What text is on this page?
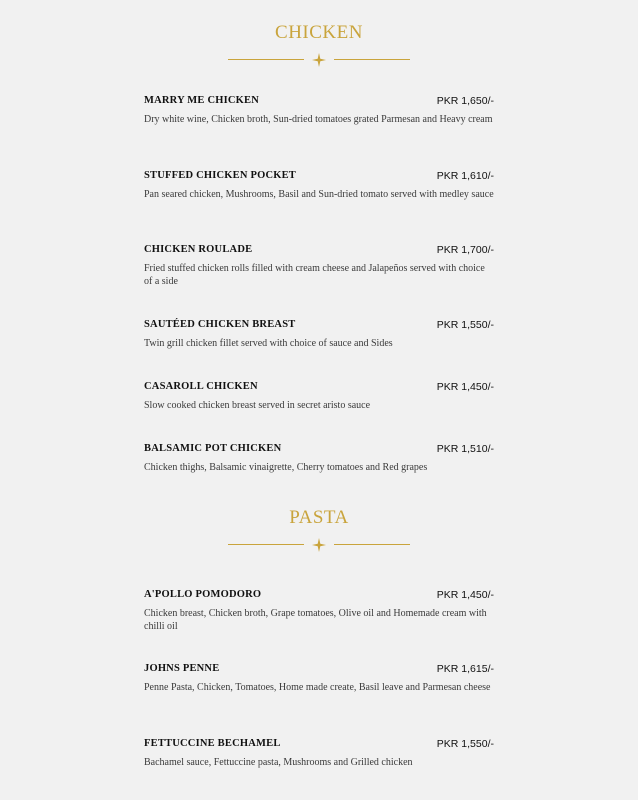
CHICKEN
MARRY ME CHICKEN	PKR 1,650/-
Dry white wine, Chicken broth, Sun-dried tomatoes grated Parmesan and Heavy cream
STUFFED CHICKEN POCKET	PKR 1,610/-
Pan seared chicken, Mushrooms, Basil and Sun-dried tomato served with medley sauce
CHICKEN ROULADE	PKR 1,700/-
Fried stuffed chicken rolls filled with cream cheese and Jalapeños served with choice of a side
SAUTÉED CHICKEN BREAST	PKR 1,550/-
Twin grill chicken fillet served with choice of sauce and Sides
CASAROLL CHICKEN	PKR 1,450/-
Slow cooked chicken breast served in secret aristo sauce
BALSAMIC POT CHICKEN	PKR 1,510/-
Chicken thighs, Balsamic vinaigrette, Cherry tomatoes and Red grapes
PASTA
A'POLLO POMODORO	PKR 1,450/-
Chicken breast, Chicken broth, Grape tomatoes, Olive oil and Homemade cream with chilli oil
JOHNS PENNE	PKR 1,615/-
Penne Pasta, Chicken, Tomatoes, Home made create, Basil leave and Parmesan cheese
FETTUCCINE BECHAMEL	PKR 1,550/-
Bachamel sauce, Fettuccine pasta, Mushrooms and Grilled chicken
